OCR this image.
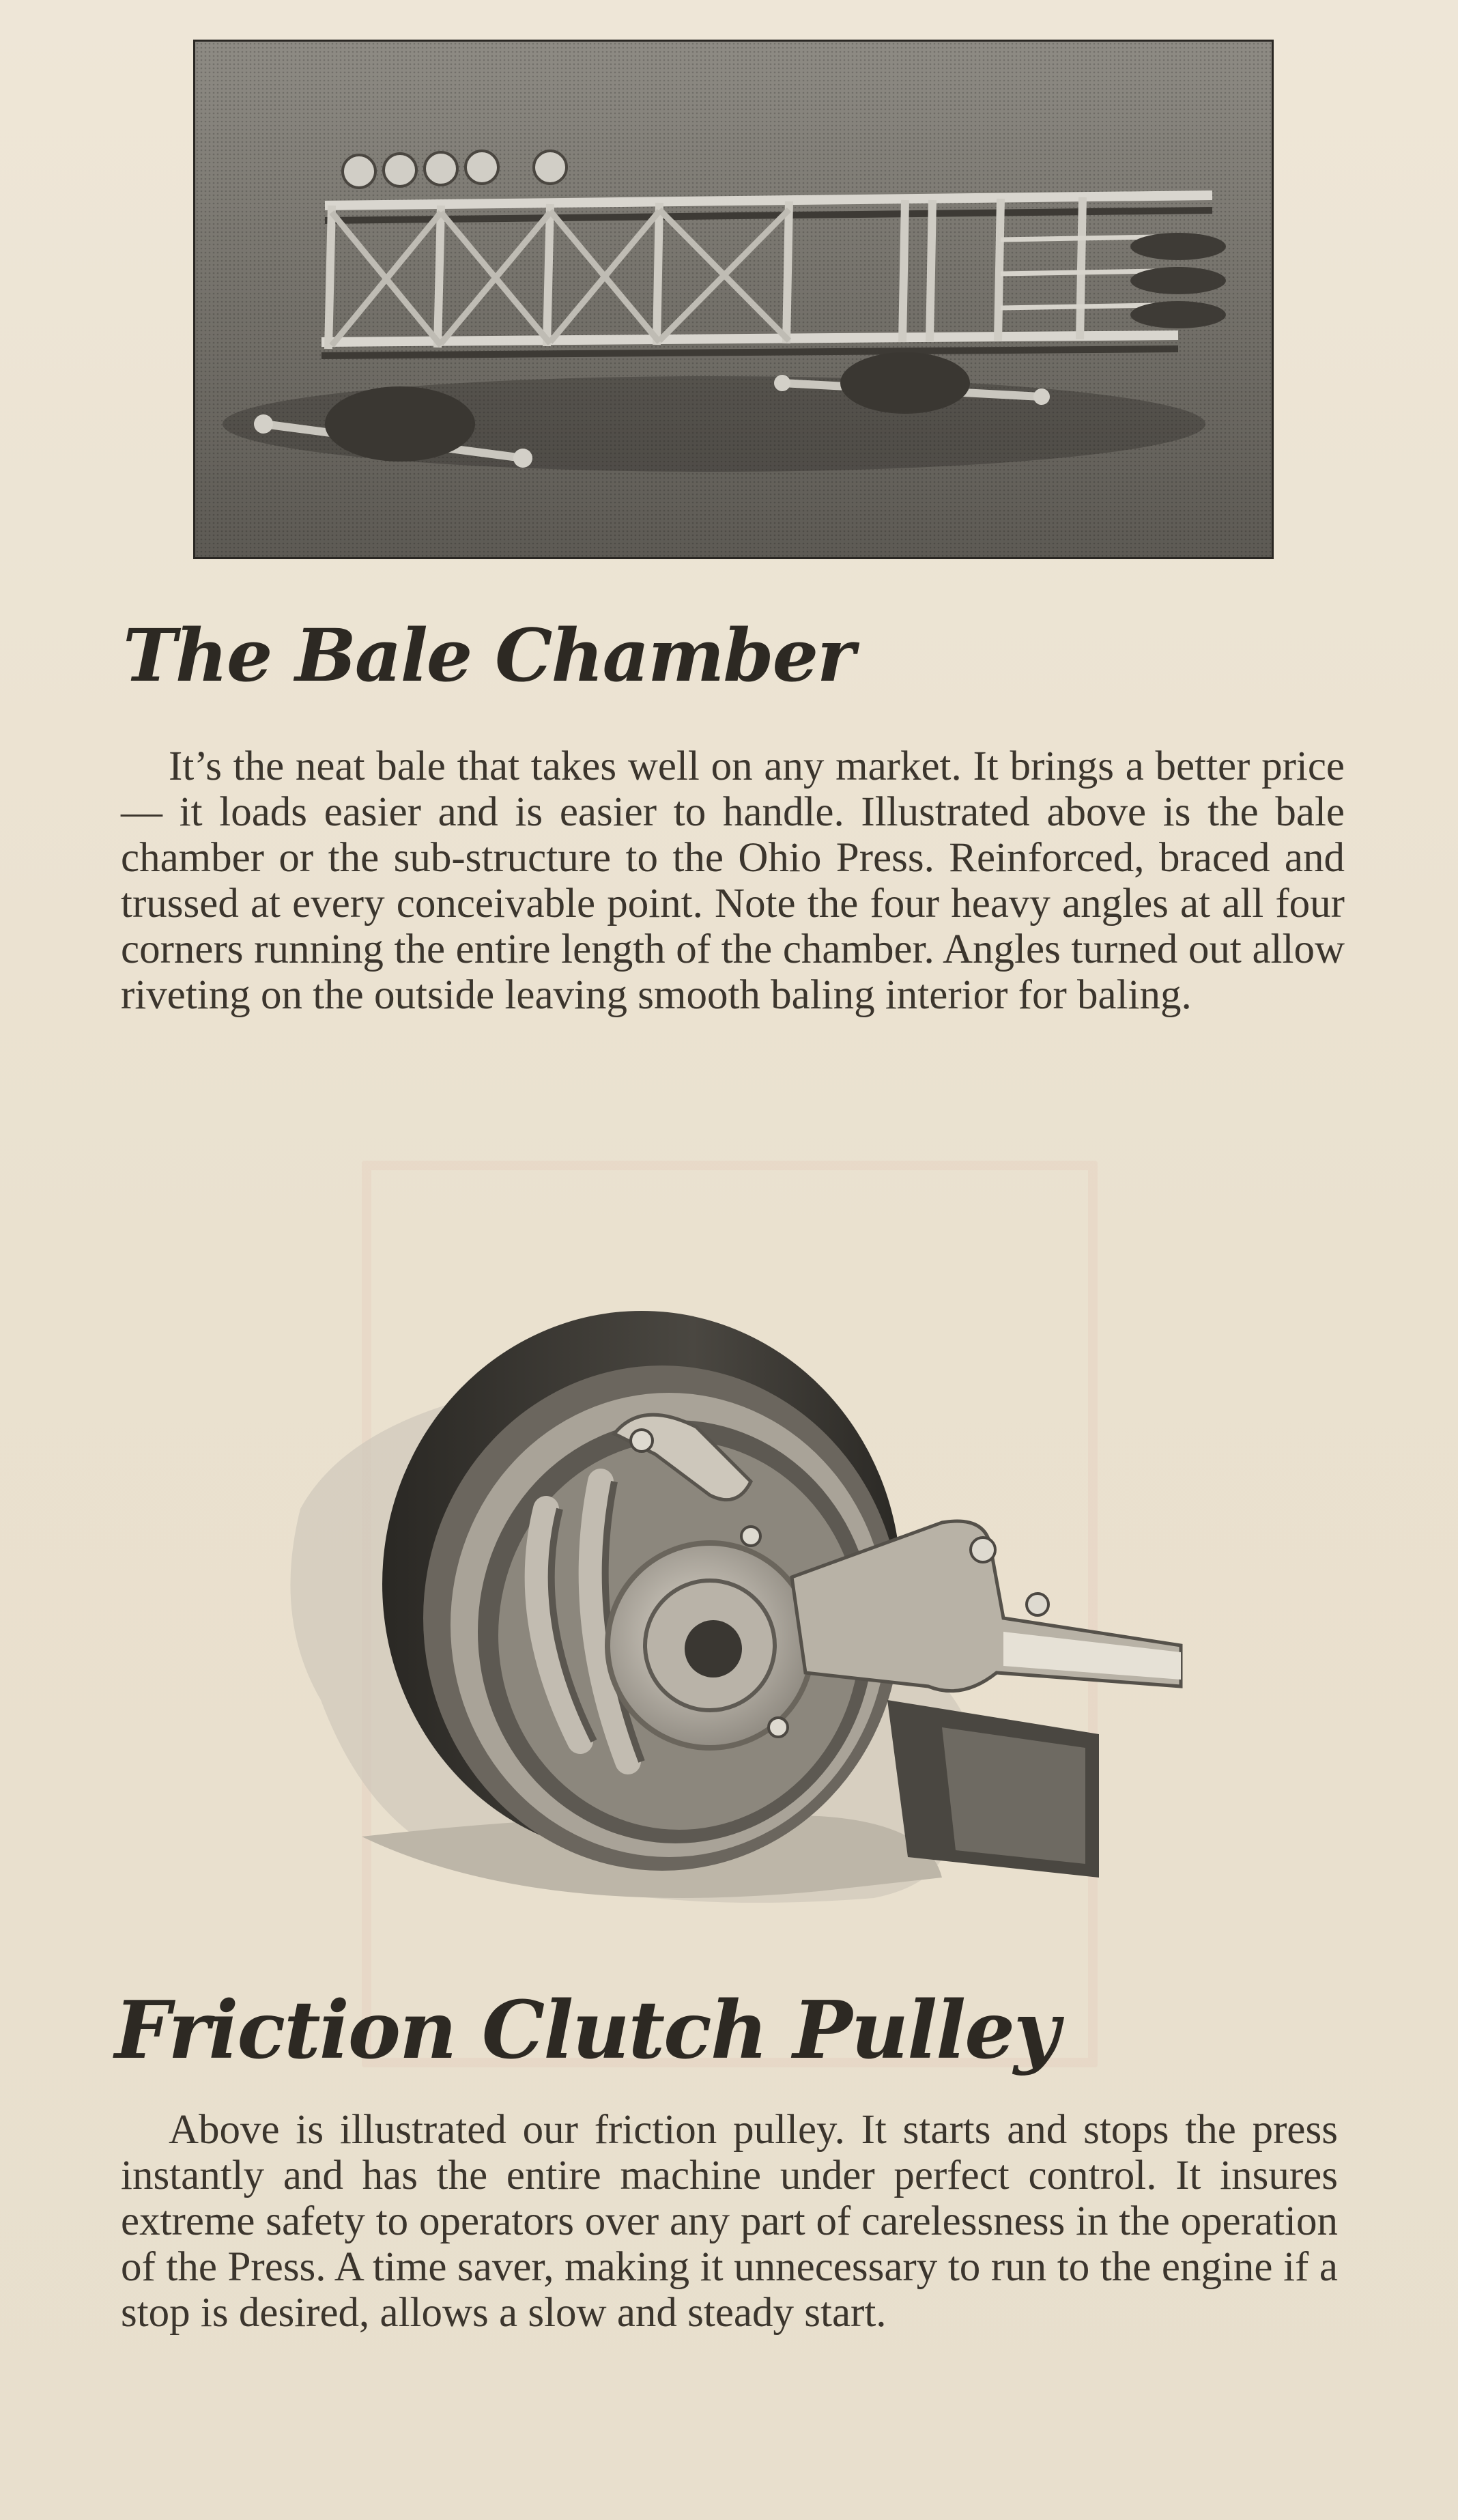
The Bale Chamber

It’s the neat bale that takes well on any market. It brings a better price — it loads easier and is easier to handle. Illustrated above is the bale chamber or the sub-structure to the Ohio Press. Reinforced, braced and trussed at every conceivable point. Note the four heavy angles at all four corners running the entire length of the chamber. Angles turned out allow riveting on the outside leaving smooth baling interior for baling.

Friction Clutch Pulley

Above is illustrated our friction pulley. It starts and stops the press instantly and has the entire machine under perfect control. It insures extreme safety to operators over any part of carelessness in the operation of the Press. A time saver, making it unnecessary to run to the engine if a stop is desired, allows a slow and steady start.
